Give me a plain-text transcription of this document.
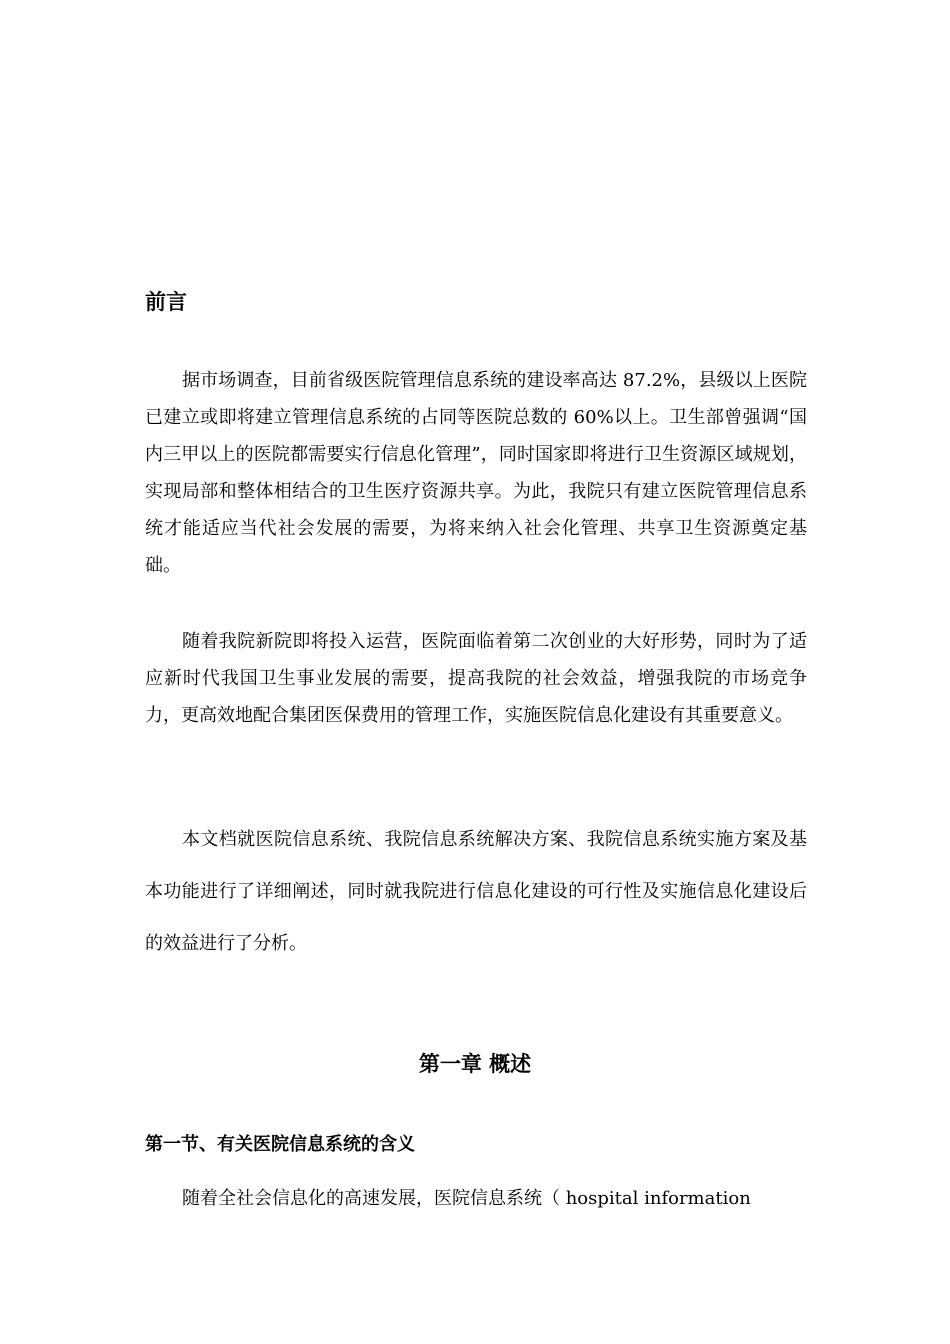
前言

据市场调查，目前省级医院管理信息系统的建设率高达 87.2%，县级以上医院已建立或即将建立管理信息系统的占同等医院总数的 60%以上。卫生部曾强调“国内三甲以上的医院都需要实行信息化管理”，同时国家即将进行卫生资源区域规划，实现局部和整体相结合的卫生医疗资源共享。为此，我院只有建立医院管理信息系统才能适应当代社会发展的需要，为将来纳入社会化管理、共享卫生资源奠定基础。

随着我院新院即将投入运营，医院面临着第二次创业的大好形势，同时为了适应新时代我国卫生事业发展的需要，提高我院的社会效益，增强我院的市场竞争力，更高效地配合集团医保费用的管理工作，实施医院信息化建设有其重要意义。

本文档就医院信息系统、我院信息系统解决方案、我院信息系统实施方案及基本功能进行了详细阐述，同时就我院进行信息化建设的可行性及实施信息化建设后的效益进行了分析。

第一章 概述
第一节、有关医院信息系统的含义

随着全社会信息化的高速发展，医院信息系统（ hospital information
